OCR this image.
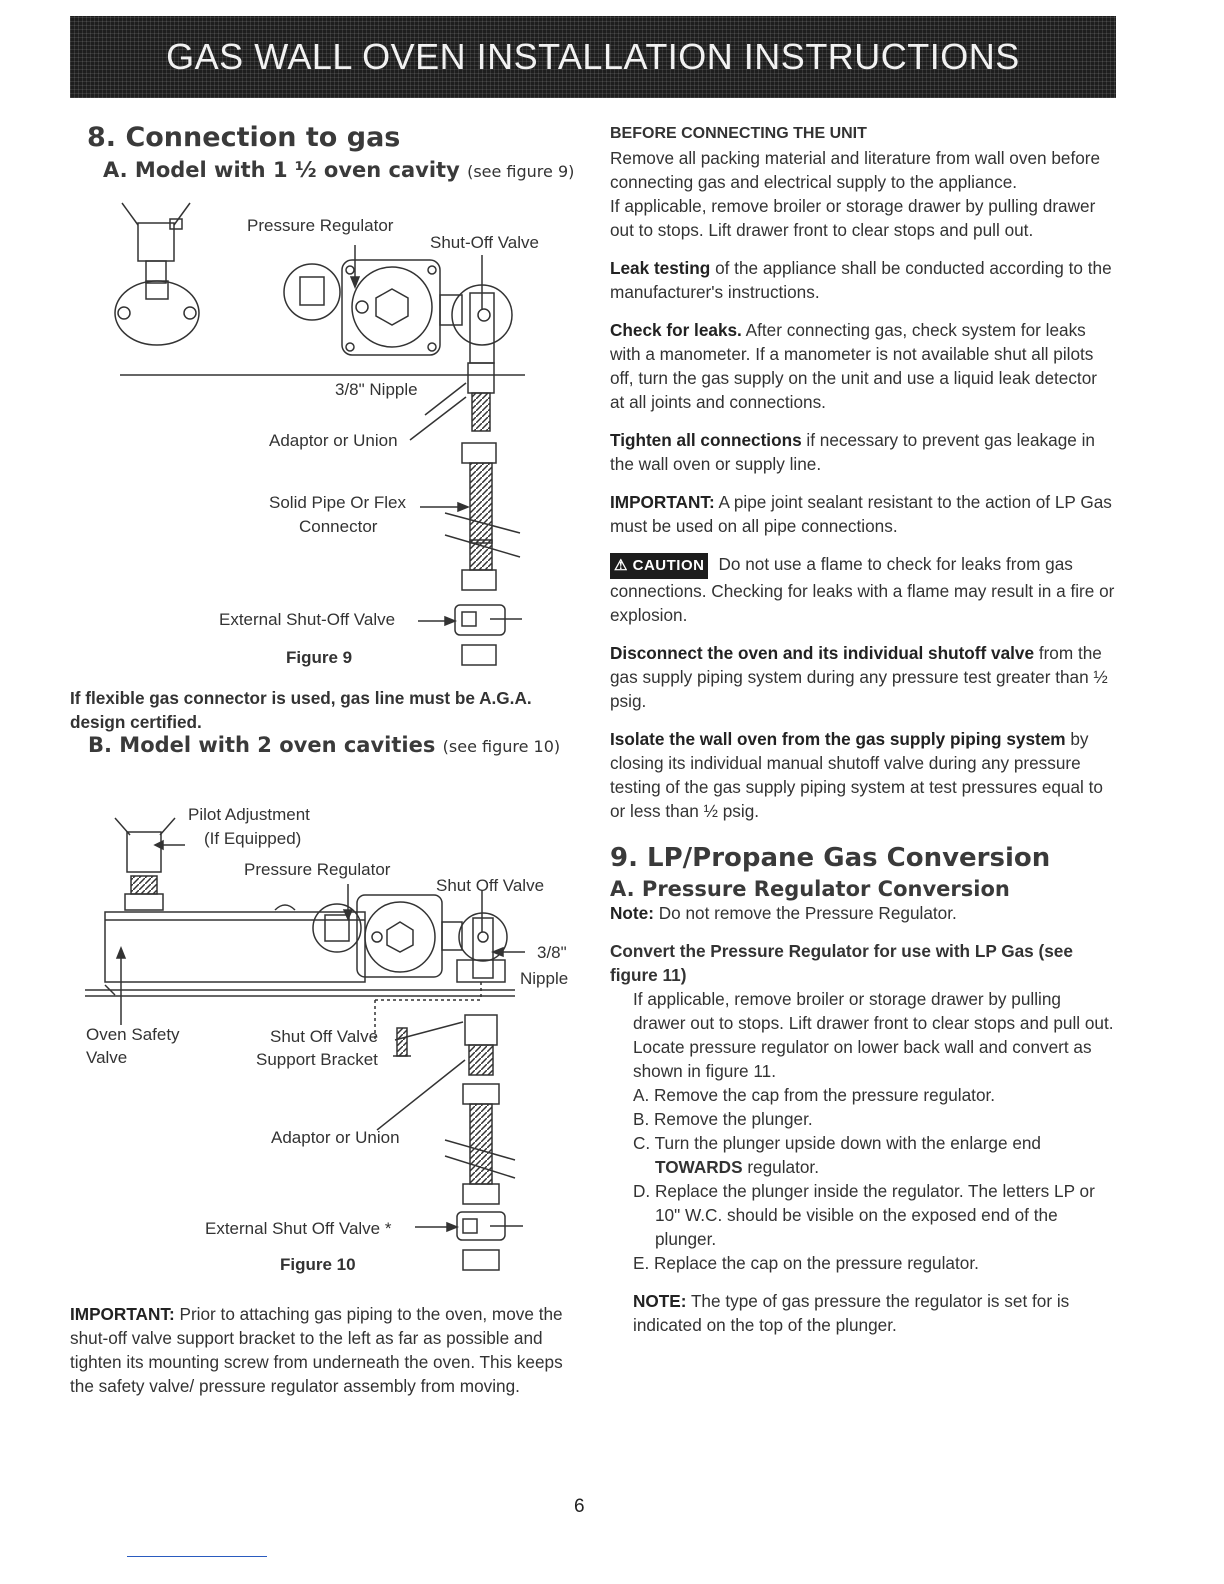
GAS WALL OVEN INSTALLATION INSTRUCTIONS
8. Connection to gas
A. Model with 1 ½ oven cavity (see figure 9)
Pressure Regulator
Shut-Off Valve
3/8" Nipple
Adaptor or Union
Solid Pipe Or Flex
Connector
External Shut-Off Valve
Figure 9
If flexible gas connector is used, gas line must be A.G.A. design certified.
B. Model with 2 oven cavities (see figure 10)
Pilot Adjustment
(If Equipped)
Pressure Regulator
Shut Off Valve
3/8"
Nipple
Oven Safety
Valve
Shut Off Valve
Support Bracket
Adaptor or Union
External Shut Off Valve *
Figure 10
IMPORTANT: Prior to attaching gas piping to the oven, move the shut-off valve support bracket to the left as far as possible and tighten its mounting screw from underneath the oven. This keeps the safety valve/ pressure regulator assembly from moving.
BEFORE CONNECTING THE UNIT
Remove all packing material and literature from wall oven before connecting gas and electrical supply to the appliance.
If applicable, remove broiler or storage drawer by pulling drawer out to stops. Lift drawer front to clear stops and pull out.
Leak testing of the appliance shall be conducted according to the manufacturer's instructions.
Check for leaks. After connecting gas, check system for leaks with a manometer. If a manometer is not available shut all pilots off, turn the gas supply on the unit and use a liquid leak detector at all joints and connections.
Tighten all connections if necessary to prevent gas leakage in the wall oven or supply line.
IMPORTANT: A pipe joint sealant resistant to the action of LP Gas must be used on all pipe connections.
⚠ CAUTION Do not use a flame to check for leaks from gas connections. Checking for leaks with a flame may result in a fire or explosion.
Disconnect the oven and its individual shutoff valve from the gas supply piping system during any pressure test greater than ½ psig.
Isolate the wall oven from the gas supply piping system by closing its individual manual shutoff valve during any pressure testing of the gas supply piping system at test pressures equal to or less than ½ psig.
9. LP/Propane Gas Conversion
A. Pressure Regulator Conversion
Note: Do not remove the Pressure Regulator.
Convert the Pressure Regulator for use with LP Gas (see figure 11)
If applicable, remove broiler or storage drawer by pulling drawer out to stops. Lift drawer front to clear stops and pull out.
Locate pressure regulator on lower back wall and convert as shown in figure 11.
A. Remove the cap from the pressure regulator.
B. Remove the plunger.
C. Turn the plunger upside down with the enlarge end TOWARDS regulator.
D. Replace the plunger inside the regulator. The letters LP or 10" W.C. should be visible on the exposed end of the plunger.
E. Replace the cap on the pressure regulator.
NOTE: The type of gas pressure the regulator is set for is indicated on the top of the plunger.
6
